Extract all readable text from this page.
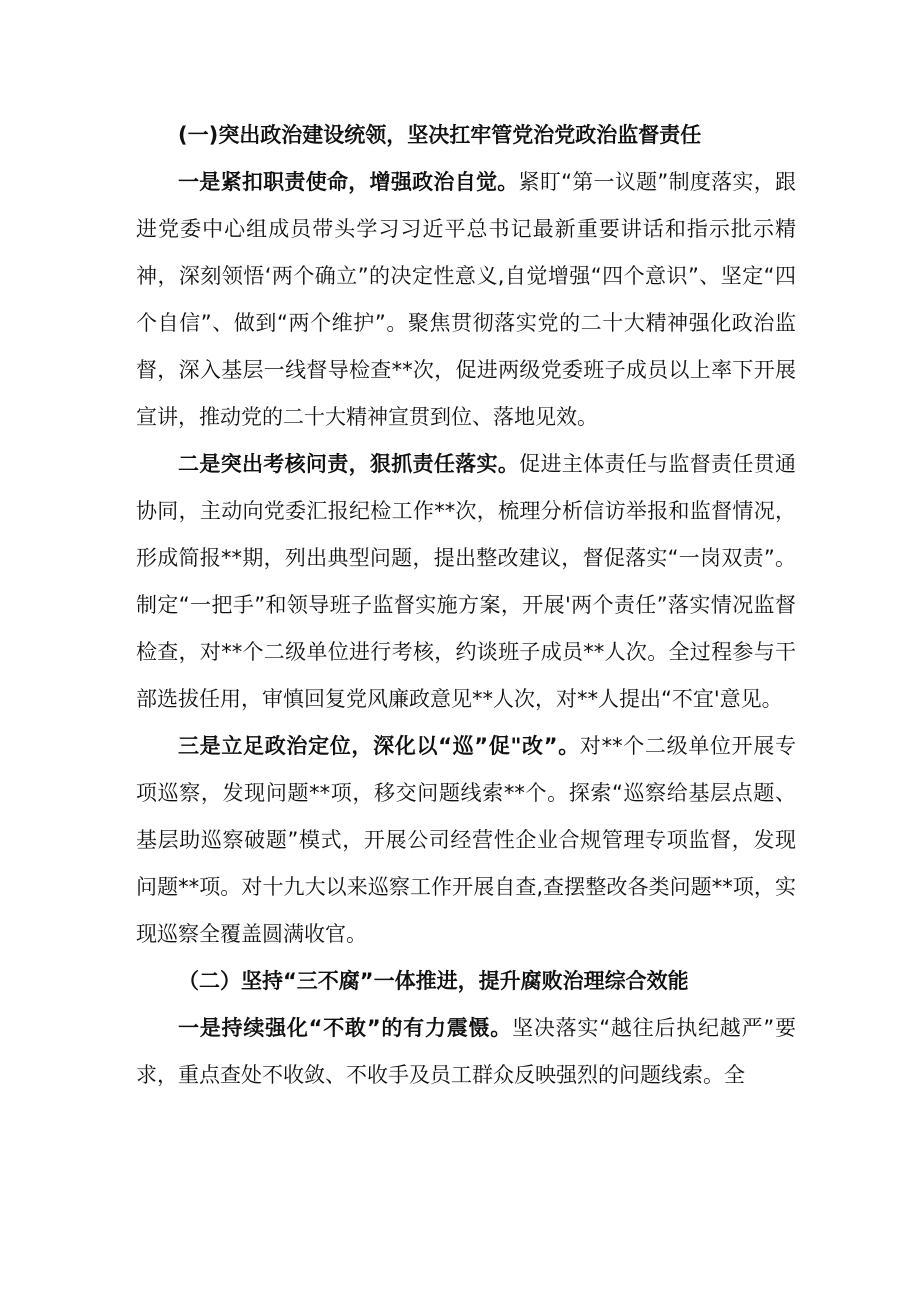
(一)突出政治建设统领，坚决扛牢管党治党政治监督责任

一是紧扣职责使命，增强政治自觉。紧盯“第一议题”制度落实，跟进党委中心组成员带头学习习近平总书记最新重要讲话和指示批示精神，深刻领悟‘两个确立”的决定性意义,自觉增强“四个意识”、坚定“四个自信”、做到“两个维护”。聚焦贯彻落实党的二十大精神强化政治监督，深入基层一线督导检查**次，促进两级党委班子成员以上率下开展宣讲，推动党的二十大精神宣贯到位、落地见效。

二是突出考核问责，狠抓责任落实。促进主体责任与监督责任贯通协同，主动向党委汇报纪检工作**次，梳理分析信访举报和监督情况，形成简报**期，列出典型问题，提出整改建议，督促落实“一岗双责”。制定“一把手”和领导班子监督实施方案，开展'两个责任”落实情况监督检查，对**个二级单位进行考核，约谈班子成员**人次。全过程参与干部选拔任用，审慎回复党风廉政意见**人次，对**人提出“不宜'意见。

三是立足政治定位，深化以“巡”促"改”。对**个二级单位开展专项巡察，发现问题**项，移交问题线索**个。探索“巡察给基层点题、基层助巡察破题”模式，开展公司经营性企业合规管理专项监督，发现问题**项。对十九大以来巡察工作开展自查,查摆整改各类问题**项，实现巡察全覆盖圆满收官。

（二）坚持“三不腐”一体推进，提升腐败治理综合效能

一是持续强化“不敢”的有力震慑。坚决落实“越往后执纪越严”要求，重点查处不收敛、不收手及员工群众反映强烈的问题线索。全
